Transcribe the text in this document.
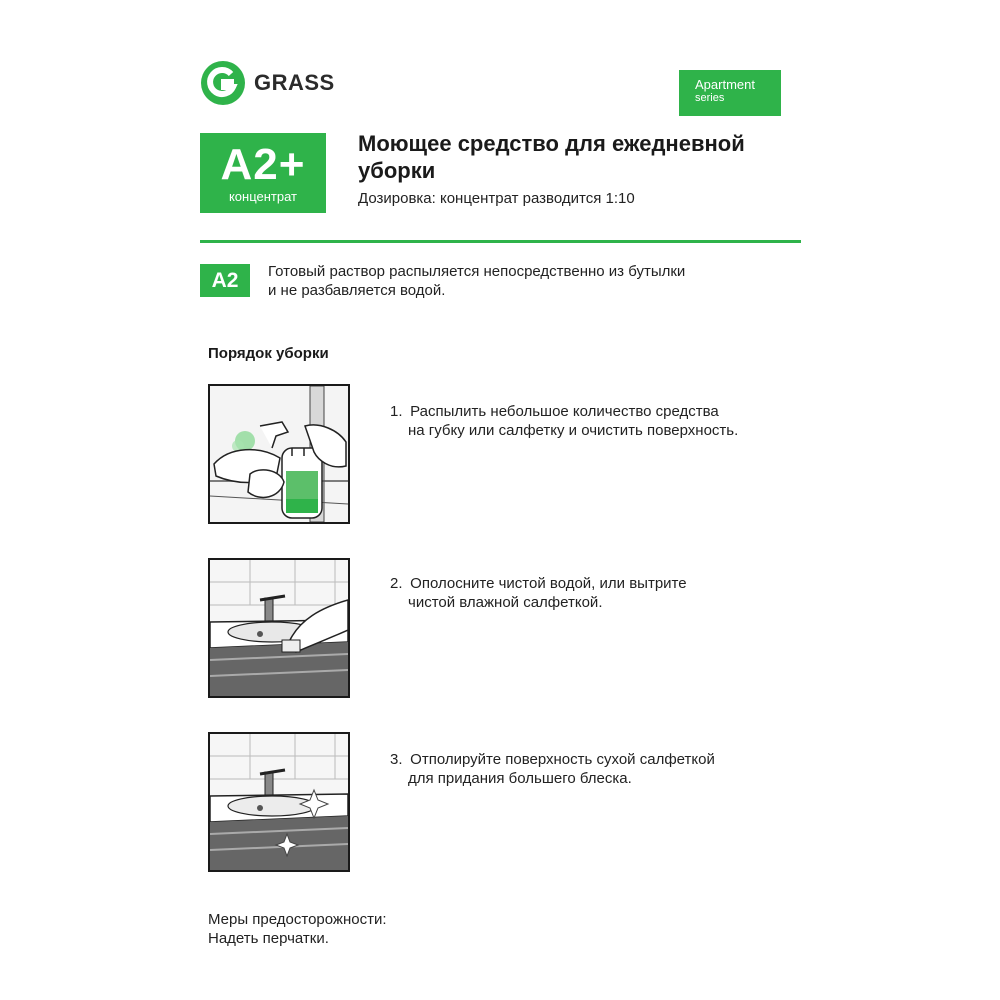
GRASS	Apartment
series
A2+
концентрат
Моющее средство для ежедневной
уборки
Дозировка: концентрат разводится 1:10
A2	Готовый раствор распыляется непосредственно из бутылки
и не разбавляется водой.
Порядок уборки
1. Распылить небольшое количество средства
на губку или салфетку и очистить поверхность.
2. Ополосните чистой водой, или вытрите
чистой влажной салфеткой.
3. Отполируйте поверхность сухой салфеткой
для придания большего блеска.
Меры предосторожности:
Надеть перчатки.
